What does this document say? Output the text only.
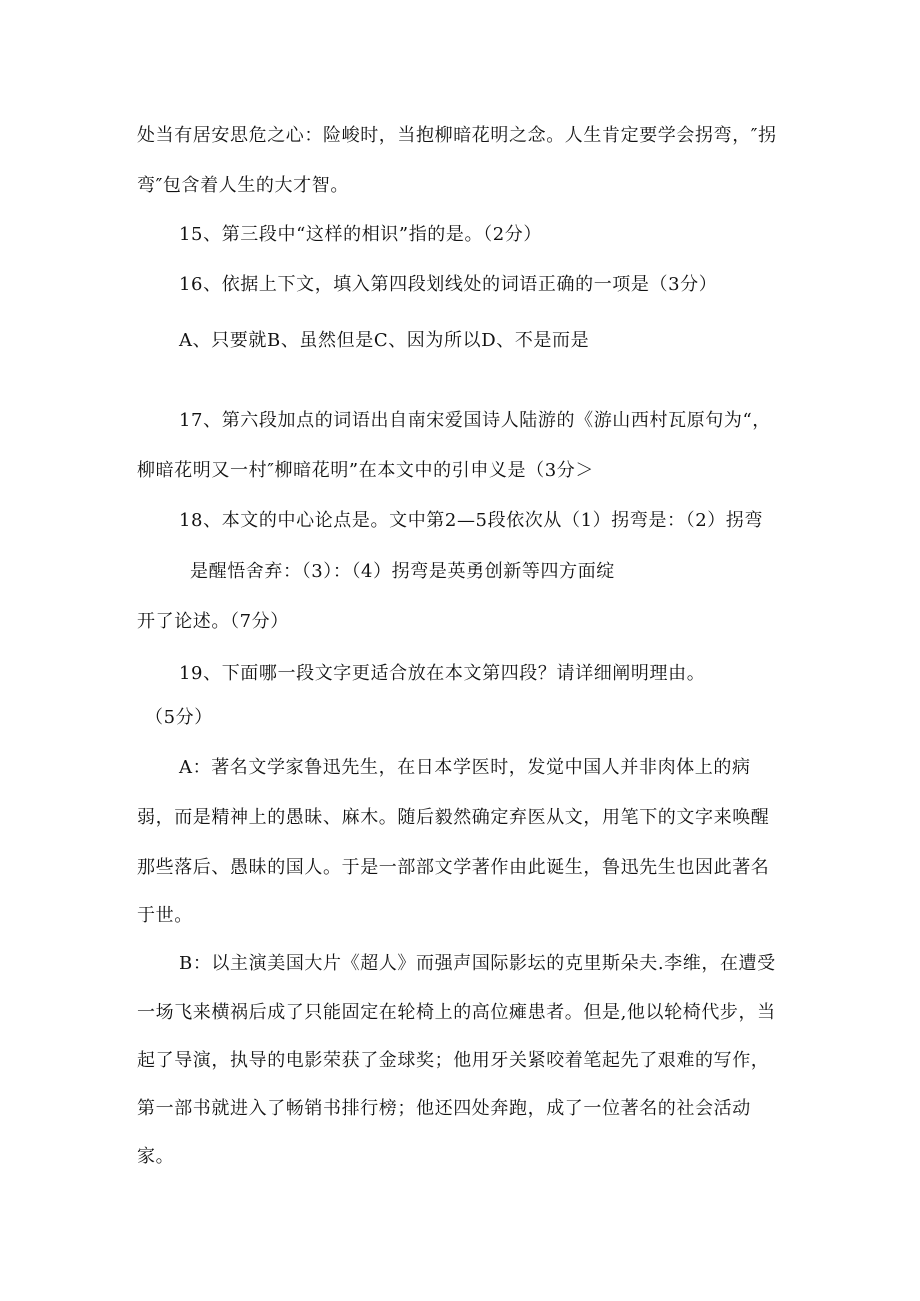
处当有居安思危之心：险峻时，当抱柳暗花明之念。人生肯定要学会拐弯，″拐
弯″包含着人生的大才智。
15、第三段中“这样的相识”指的是。（2分）
16、依据上下文，填入第四段划线处的词语正确的一项是（3分）
A、只要就B、虽然但是C、因为所以D、不是而是
17、第六段加点的词语出自南宋爱国诗人陆游的《游山西村瓦原句为“，
柳暗花明又一村″柳暗花明”在本文中的引申义是（3分＞
18、本文的中心论点是。文中第2—5段依次从（1）拐弯是：（2）拐弯
是醒悟舍弃：（3）：（4）拐弯是英勇创新等四方面绽
开了论述。（7分）
19、下面哪一段文字更适合放在本文第四段？请详细阐明理由。
（5分）
A：著名文学家鲁迅先生，在日本学医时，发觉中国人并非肉体上的病
弱，而是精神上的愚昧、麻木。随后毅然确定弃医从文，用笔下的文字来唤醒
那些落后、愚昧的国人。于是一部部文学著作由此诞生，鲁迅先生也因此著名
于世。
B：以主演美国大片《超人》而强声国际影坛的克里斯朵夫.李维，在遭受
一场飞来横祸后成了只能固定在轮椅上的高位瘫患者。但是,他以轮椅代步，当
起了导演，执导的电影荣获了金球奖；他用牙关紧咬着笔起先了艰难的写作，
第一部书就进入了畅销书排行榜；他还四处奔跑，成了一位著名的社会活动
家。
